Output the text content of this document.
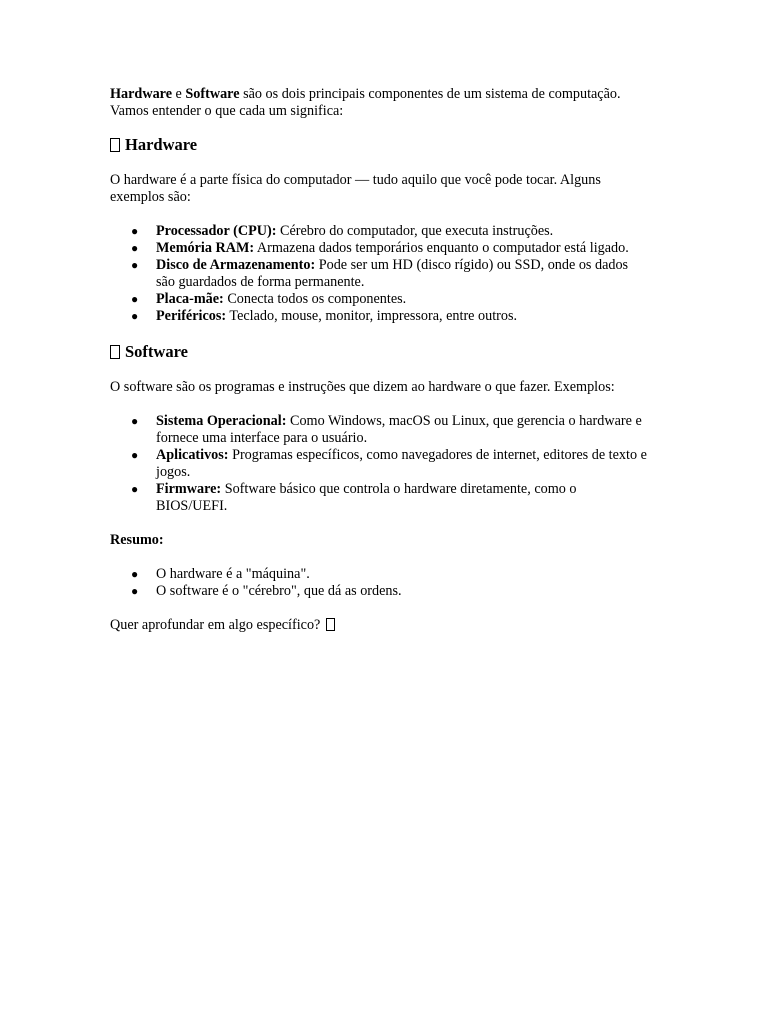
Hardware e Software são os dois principais componentes de um sistema de computação. Vamos entender o que cada um significa:

Hardware

O hardware é a parte física do computador — tudo aquilo que você pode tocar. Alguns exemplos são:

● Processador (CPU): Cérebro do computador, que executa instruções.
● Memória RAM: Armazena dados temporários enquanto o computador está ligado.
● Disco de Armazenamento: Pode ser um HD (disco rígido) ou SSD, onde os dados são guardados de forma permanente.
● Placa-mãe: Conecta todos os componentes.
● Periféricos: Teclado, mouse, monitor, impressora, entre outros.
Software

O software são os programas e instruções que dizem ao hardware o que fazer. Exemplos:

● Sistema Operacional: Como Windows, macOS ou Linux, que gerencia o hardware e fornece uma interface para o usuário.
● Aplicativos: Programas específicos, como navegadores de internet, editores de texto e jogos.
● Firmware: Software básico que controla o hardware diretamente, como o BIOS/UEFI.

Resumo:

● O hardware é a "máquina".
● O software é o "cérebro", que dá as ordens.

Quer aprofundar em algo específico?
